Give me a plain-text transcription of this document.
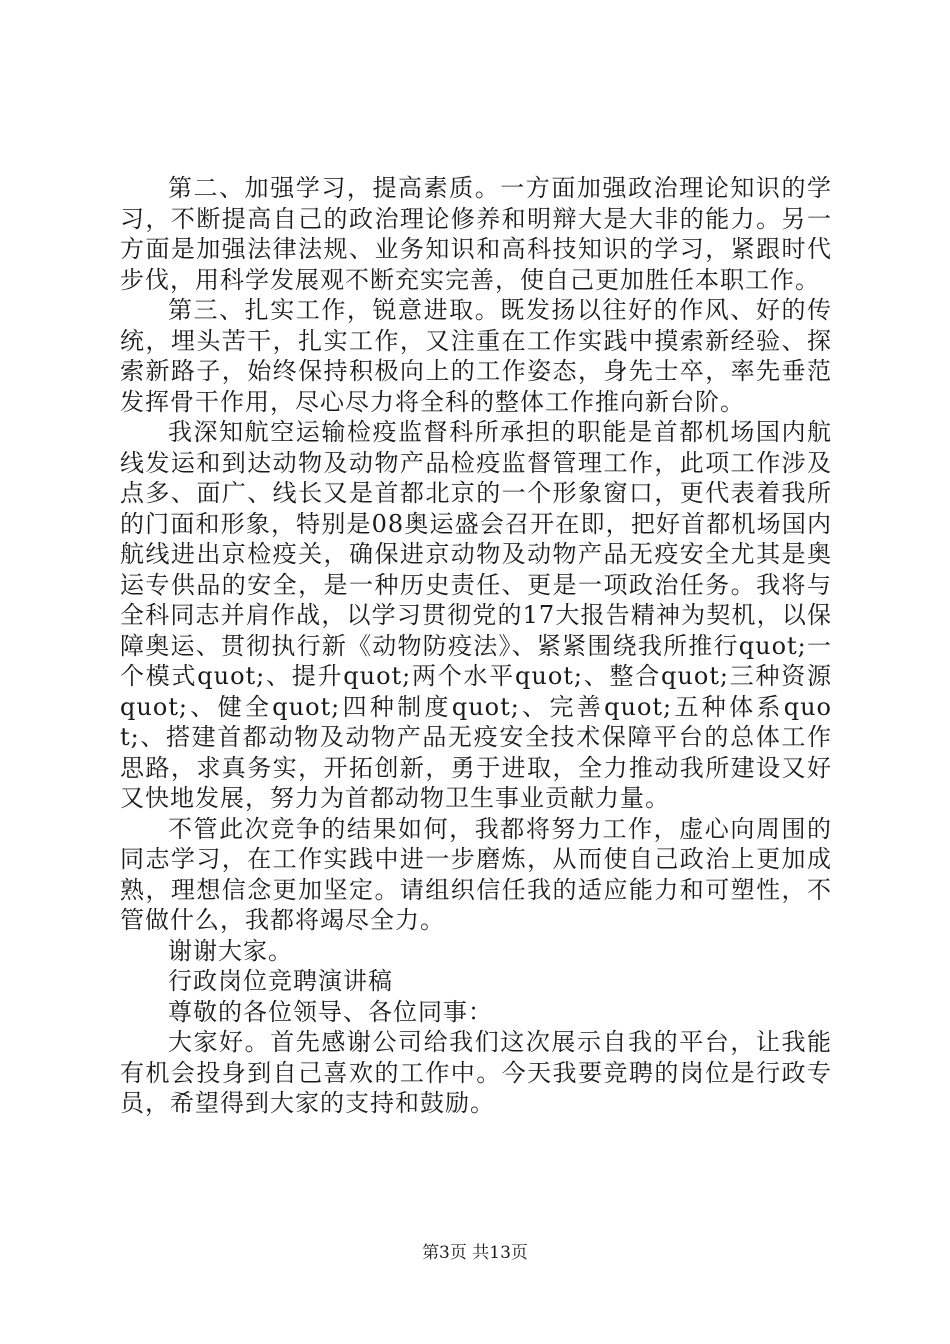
第二、加强学习，提高素质。一方面加强政治理论知识的学习，不断提高自己的政治理论修养和明辩大是大非的能力。另一方面是加强法律法规、业务知识和高科技知识的学习，紧跟时代步伐，用科学发展观不断充实完善，使自己更加胜任本职工作。

第三、扎实工作，锐意进取。既发扬以往好的作风、好的传统，埋头苦干，扎实工作，又注重在工作实践中摸索新经验、探索新路子，始终保持积极向上的工作姿态，身先士卒，率先垂范发挥骨干作用，尽心尽力将全科的整体工作推向新台阶。

我深知航空运输检疫监督科所承担的职能是首都机场国内航线发运和到达动物及动物产品检疫监督管理工作，此项工作涉及点多、面广、线长又是首都北京的一个形象窗口，更代表着我所的门面和形象，特别是08奥运盛会召开在即，把好首都机场国内航线进出京检疫关，确保进京动物及动物产品无疫安全尤其是奥运专供品的安全，是一种历史责任、更是一项政治任务。我将与全科同志并肩作战，以学习贯彻党的17大报告精神为契机，以保障奥运、贯彻执行新《动物防疫法》、紧紧围绕我所推行quot;一个模式quot;、提升quot;两个水平quot;、整合quot;三种资源quot;、健全quot;四种制度quot;、完善quot;五种体系quot;、搭建首都动物及动物产品无疫安全技术保障平台的总体工作思路，求真务实，开拓创新，勇于进取，全力推动我所建设又好又快地发展，努力为首都动物卫生事业贡献力量。

不管此次竞争的结果如何，我都将努力工作，虚心向周围的同志学习，在工作实践中进一步磨炼，从而使自己政治上更加成熟，理想信念更加坚定。请组织信任我的适应能力和可塑性，不管做什么，我都将竭尽全力。

谢谢大家。

行政岗位竞聘演讲稿

尊敬的各位领导、各位同事：

大家好。首先感谢公司给我们这次展示自我的平台，让我能有机会投身到自己喜欢的工作中。今天我要竞聘的岗位是行政专员，希望得到大家的支持和鼓励。

第3页 共13页
